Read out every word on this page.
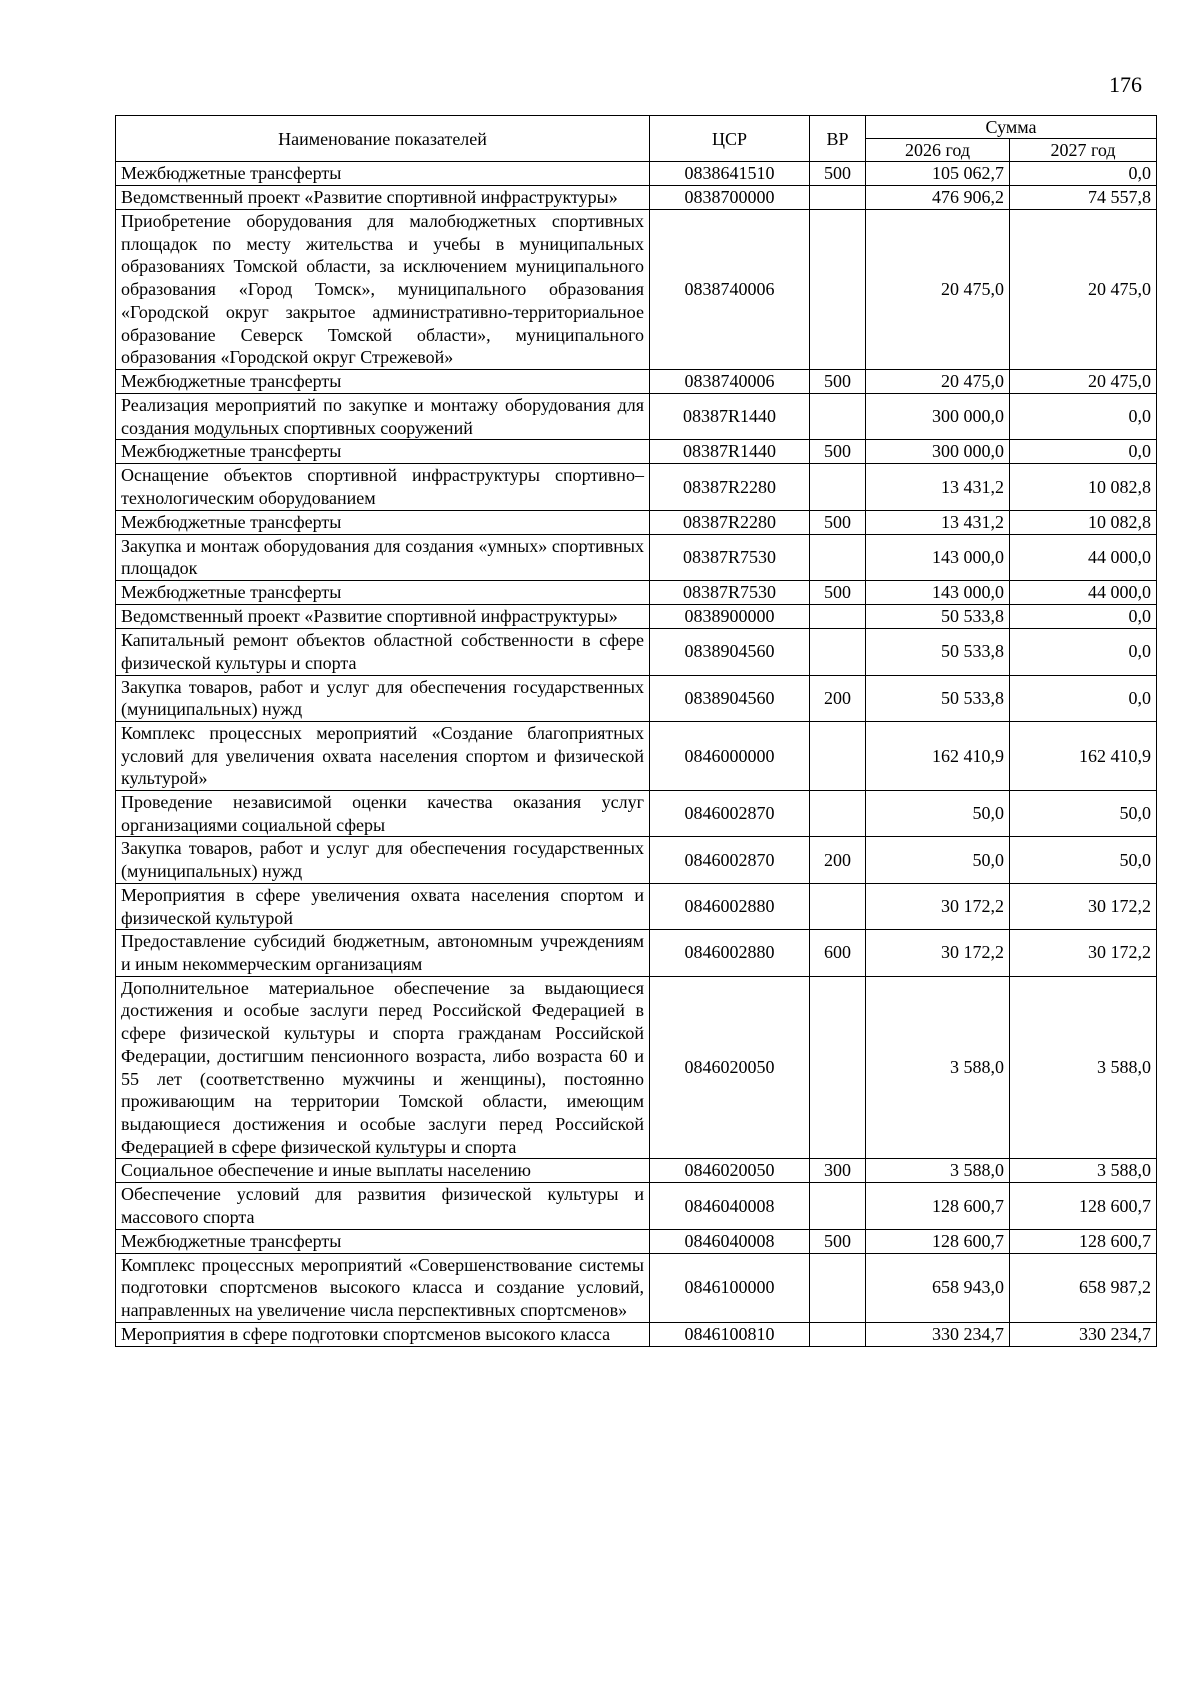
176
Наименование показателей	ЦСР	ВР	Сумма	
			2026 год	2027 год
Межбюджетные трансферты	0838641510	500	105 062,7	0,0
Ведомственный проект «Развитие спортивной инфраструктуры»	0838700000		476 906,2	74 557,8
Приобретение оборудования для малобюджетных спортивных площадок по месту жительства и учебы в муниципальных образованиях Томской области, за исключением муниципального образования «Город Томск», муниципального образования «Городской округ закрытое административно-территориальное образование Северск Томской области», муниципального образования «Городской округ Стрежевой»	0838740006		20 475,0	20 475,0
Межбюджетные трансферты	0838740006	500	20 475,0	20 475,0
Реализация мероприятий по закупке и монтажу оборудования для создания модульных спортивных сооружений	08387R1440		300 000,0	0,0
Межбюджетные трансферты	08387R1440	500	300 000,0	0,0
Оснащение объектов спортивной инфраструктуры спортивно–технологическим оборудованием	08387R2280		13 431,2	10 082,8
Межбюджетные трансферты	08387R2280	500	13 431,2	10 082,8
Закупка и монтаж оборудования для создания «умных» спортивных площадок	08387R7530		143 000,0	44 000,0
Межбюджетные трансферты	08387R7530	500	143 000,0	44 000,0
Ведомственный проект «Развитие спортивной инфраструктуры»	0838900000		50 533,8	0,0
Капитальный ремонт объектов областной собственности в сфере физической культуры и спорта	0838904560		50 533,8	0,0
Закупка товаров, работ и услуг для обеспечения государственных (муниципальных) нужд	0838904560	200	50 533,8	0,0
Комплекс процессных мероприятий «Создание благоприятных условий для увеличения охвата населения спортом и физической культурой»	0846000000		162 410,9	162 410,9
Проведение независимой оценки качества оказания услуг организациями социальной сферы	0846002870		50,0	50,0
Закупка товаров, работ и услуг для обеспечения государственных (муниципальных) нужд	0846002870	200	50,0	50,0
Мероприятия в сфере увеличения охвата населения спортом и физической культурой	0846002880		30 172,2	30 172,2
Предоставление субсидий бюджетным, автономным учреждениям и иным некоммерческим организациям	0846002880	600	30 172,2	30 172,2
Дополнительное материальное обеспечение за выдающиеся достижения и особые заслуги перед Российской Федерацией в сфере физической культуры и спорта гражданам Российской Федерации, достигшим пенсионного возраста, либо возраста 60 и 55 лет (соответственно мужчины и женщины), постоянно проживающим на территории Томской области, имеющим выдающиеся достижения и особые заслуги перед Российской Федерацией в сфере физической культуры и спорта	0846020050		3 588,0	3 588,0
Социальное обеспечение и иные выплаты населению	0846020050	300	3 588,0	3 588,0
Обеспечение условий для развития физической культуры и массового спорта	0846040008		128 600,7	128 600,7
Межбюджетные трансферты	0846040008	500	128 600,7	128 600,7
Комплекс процессных мероприятий «Совершенствование системы подготовки спортсменов высокого класса и создание условий, направленных на увеличение числа перспективных спортсменов»	0846100000		658 943,0	658 987,2
Мероприятия в сфере подготовки спортсменов высокого класса	0846100810		330 234,7	330 234,7
